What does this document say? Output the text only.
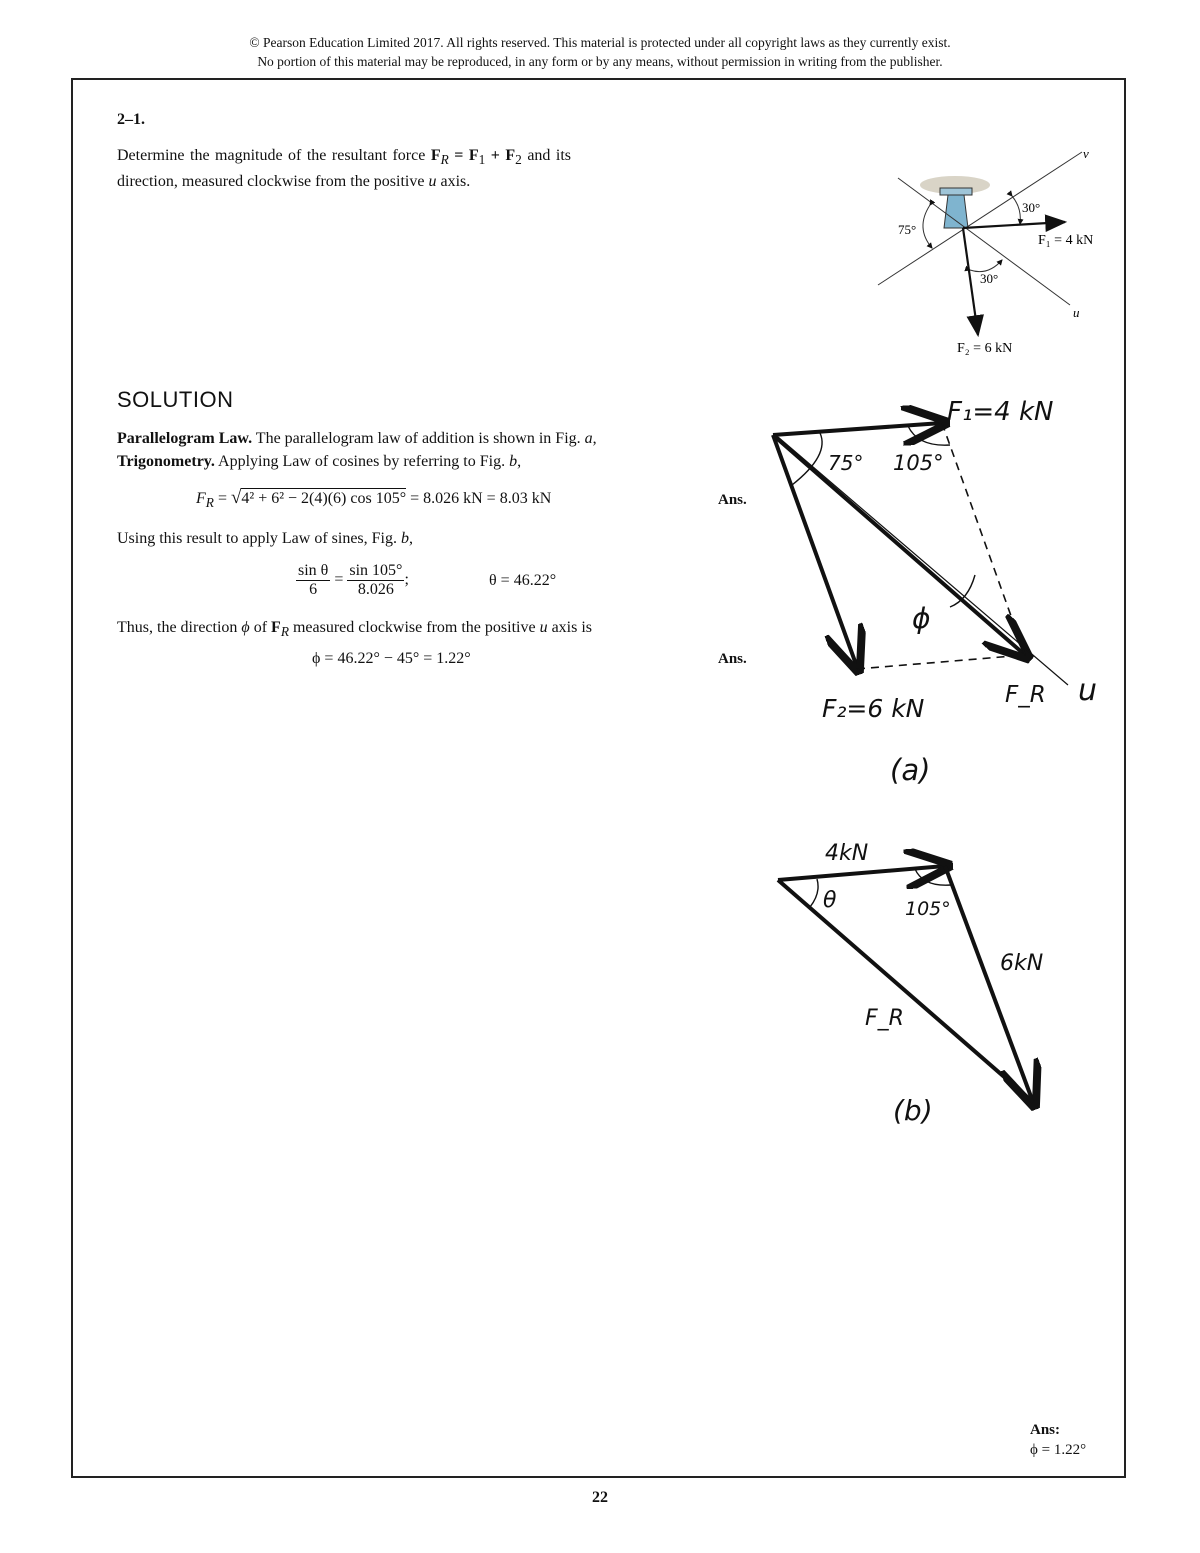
© Pearson Education Limited 2017. All rights reserved. This material is protected under all copyright laws as they currently exist.
No portion of this material may be reproduced, in any form or by any means, without permission in writing from the publisher.
2–1.
Determine the magnitude of the resultant force $F_R = F_1 + F_2$ and its direction, measured clockwise from the positive u axis.
v
u
75°
30°
30°
F₁ = 4 kN
F₂ = 6 kN
SOLUTION
Parallelogram Law. The parallelogram law of addition is shown in Fig. a,
Trigonometry. Applying Law of cosines by referring to Fig. b,
$F_R = √4^2 + 6^2 - 2(4)(6)$ cos 105° = 8.026 kN = 8.03 kN	Ans.
Using this result to apply Law of sines, Fig. b,
$\frac{\text{sin θ}}{6} = \frac{\sin 105^\circ}{8.026}$ ;	θ = 46.22°
Thus, the direction ϕ of $F_R$ measured clockwise from the positive u axis is
ϕ = 46.22° − 45° = 1.22°	Ans.
F₁=4 kN
75° 105°
ϕ
F₂=6 kN	F_R u
(a)
4kN
θ	105°
6kN
F_R
(b)
Ans:
ϕ = 1.22°
22
